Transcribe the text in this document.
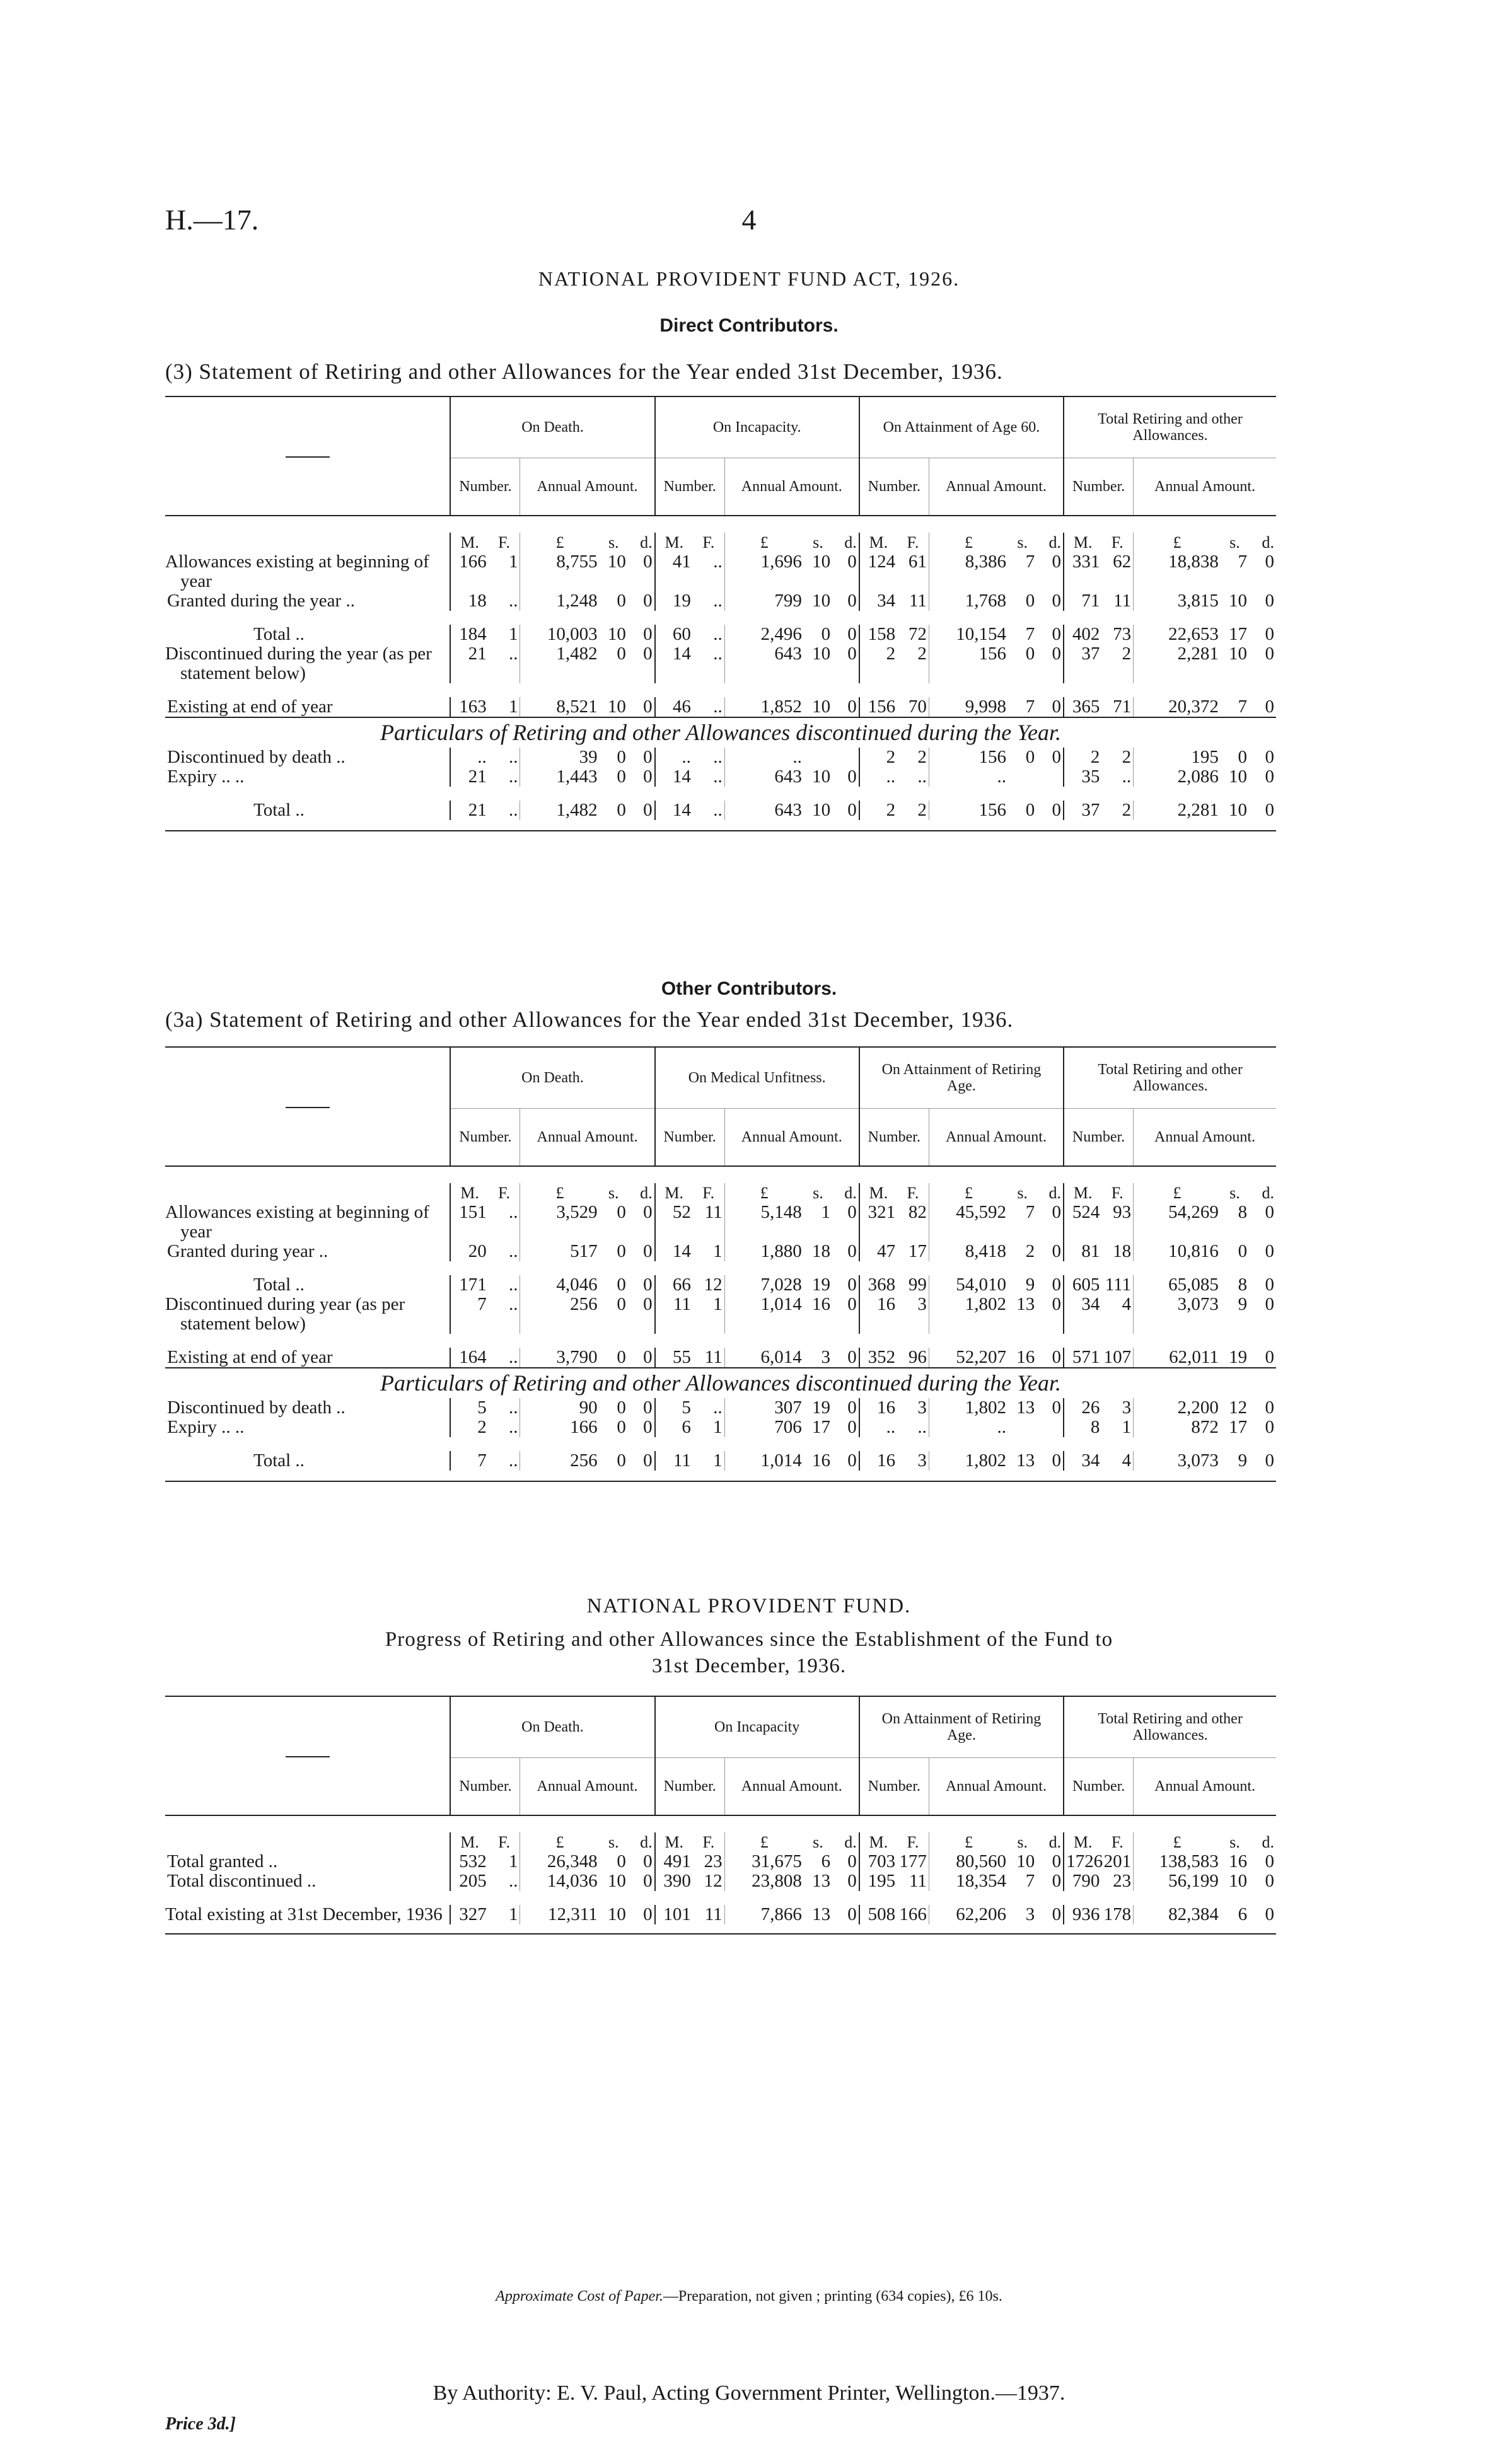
H.—17.	4
NATIONAL PROVIDENT FUND ACT, 1926.
Direct Contributors.
(3) Statement of Retiring and other Allowances for the Year ended 31st December, 1936.
	On Death.					On Incapacity.					On Attainment of Age 60.					Total Retiring and other Allowances.				
	Number.		Annual Amount.			Number.		Annual Amount.			Number.		Annual Amount.			Number.		Annual Amount.		

	M.	F.	£	s.	d.	M.	F.	£	s.	d.	M.	F.	£	s.	d.	M.	F.	£	s.	d.
Allowances existing at beginning of year	166	1	8,755	10	0	41	..	1,696	10	0	124	61	8,386	7	0	331	62	18,838	7	0
Granted during the year ..	18	..	1,248	0	0	19	..	799	10	0	34	11	1,768	0	0	71	11	3,815	10	0

Total ..	184	1	10,003	10	0	60	..	2,496	0	0	158	72	10,154	7	0	402	73	22,653	17	0
Discontinued during the year (as per statement below)	21	..	1,482	0	0	14	..	643	10	0	2	2	156	0	0	37	2	2,281	10	0

Existing at end of year	163	1	8,521	10	0	46	..	1,852	10	0	156	70	9,998	7	0	365	71	20,372	7	0
Particulars of Retiring and other Allowances discontinued during the Year.																				
Discontinued by death ..	..	..	39	0	0	..	..	..			2	2	156	0	0	2	2	195	0	0
Expiry .. ..	21	..	1,443	0	0	14	..	643	10	0	..	..	..			35	..	2,086	10	0

Total ..	21	..	1,482	0	0	14	..	643	10	0	2	2	156	0	0	37	2	2,281	10	0

Other Contributors.
(3a) Statement of Retiring and other Allowances for the Year ended 31st December, 1936.
	On Death.					On Medical Unfitness.					On Attainment of Retiring Age.					Total Retiring and other Allowances.				
	Number.		Annual Amount.			Number.		Annual Amount.			Number.		Annual Amount.			Number.		Annual Amount.		

	M.	F.	£	s.	d.	M.	F.	£	s.	d.	M.	F.	£	s.	d.	M.	F.	£	s.	d.
Allowances existing at beginning of year	151	..	3,529	0	0	52	11	5,148	1	0	321	82	45,592	7	0	524	93	54,269	8	0
Granted during year ..	20	..	517	0	0	14	1	1,880	18	0	47	17	8,418	2	0	81	18	10,816	0	0

Total ..	171	..	4,046	0	0	66	12	7,028	19	0	368	99	54,010	9	0	605	111	65,085	8	0
Discontinued during year (as per statement below)	7	..	256	0	0	11	1	1,014	16	0	16	3	1,802	13	0	34	4	3,073	9	0

Existing at end of year	164	..	3,790	0	0	55	11	6,014	3	0	352	96	52,207	16	0	571	107	62,011	19	0
Particulars of Retiring and other Allowances discontinued during the Year.																				
Discontinued by death ..	5	..	90	0	0	5	..	307	19	0	16	3	1,802	13	0	26	3	2,200	12	0
Expiry .. ..	2	..	166	0	0	6	1	706	17	0	..	..	..			8	1	872	17	0

Total ..	7	..	256	0	0	11	1	1,014	16	0	16	3	1,802	13	0	34	4	3,073	9	0

NATIONAL PROVIDENT FUND.
Progress of Retiring and other Allowances since the Establishment of the Fund to
31st December, 1936.
	On Death.					On Incapacity					On Attainment of Retiring Age.					Total Retiring and other Allowances.				
	Number.		Annual Amount.			Number.		Annual Amount.			Number.		Annual Amount.			Number.		Annual Amount.		

	M.	F.	£	s.	d.	M.	F.	£	s.	d.	M.	F.	£	s.	d.	M.	F.	£	s.	d.
Total granted ..	532	1	26,348	0	0	491	23	31,675	6	0	703	177	80,560	10	0	1726	201	138,583	16	0
Total discontinued ..	205	..	14,036	10	0	390	12	23,808	13	0	195	11	18,354	7	0	790	23	56,199	10	0

Total existing at 31st December, 1936	327	1	12,311	10	0	101	11	7,866	13	0	508	166	62,206	3	0	936	178	82,384	6	0

Approximate Cost of Paper.—Preparation, not given ; printing (634 copies), £6 10s.
By Authority: E. V. Paul, Acting Government Printer, Wellington.—1937.
Price 3d.]
